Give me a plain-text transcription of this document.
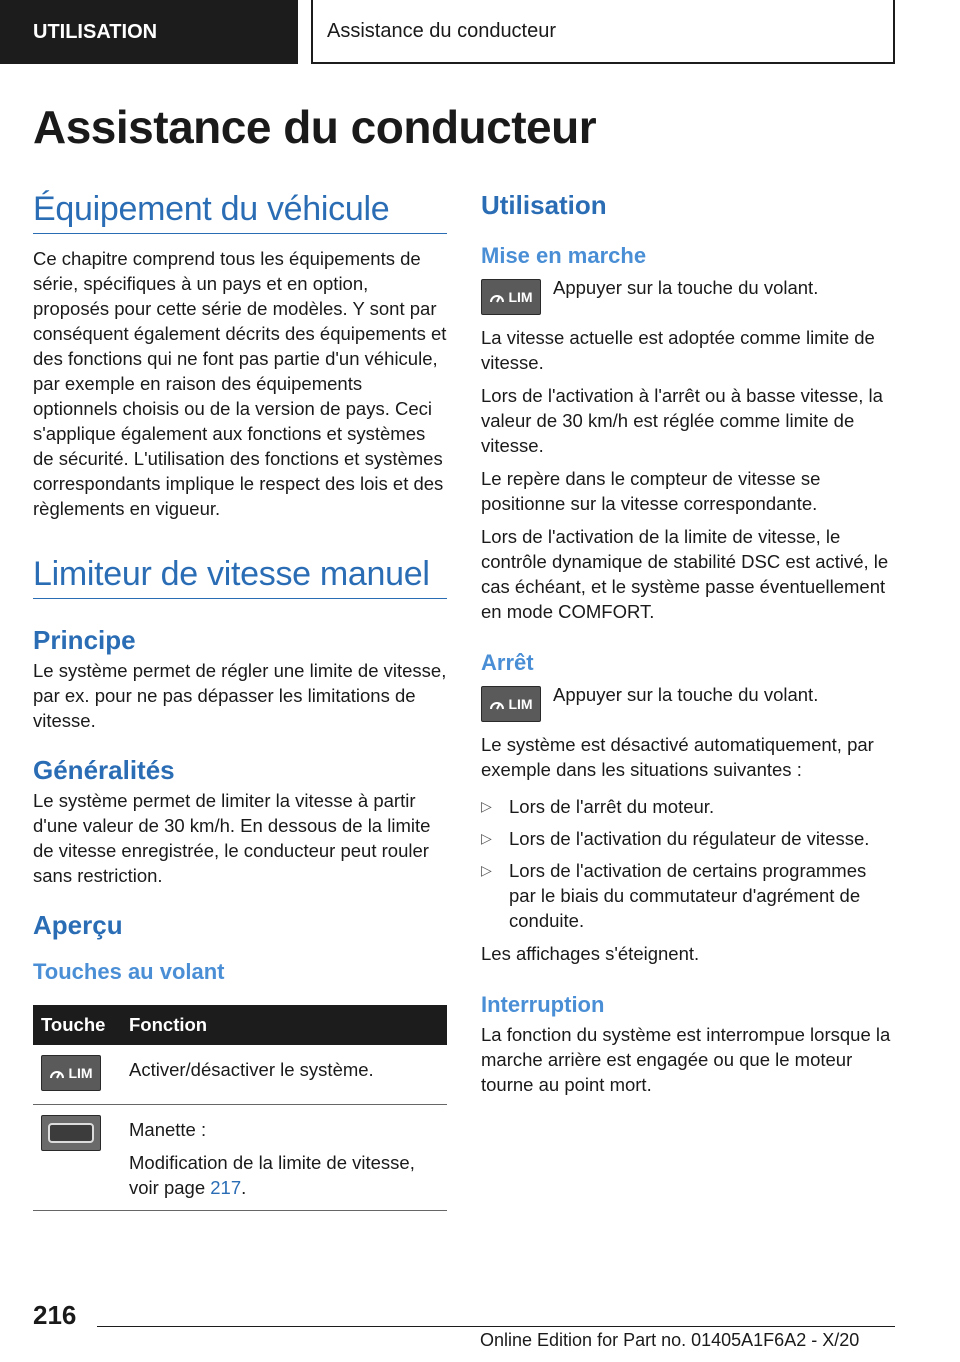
UTILISATION	Assistance du conducteur
Assistance du conducteur
Équipement du véhicule

Ce chapitre comprend tous les équipements de série, spécifiques à un pays et en option, proposés pour cette série de modèles. Y sont par conséquent également décrits des équipements et des fonctions qui ne font pas partie d'un véhicule, par exemple en raison des équipements optionnels choisis ou de la version de pays. Ceci s'applique également aux fonctions et systèmes de sécurité. L'utilisation des fonctions et systèmes correspondants implique le respect des lois et des règlements en vigueur.

Limiteur de vitesse manuel
Principe

Le système permet de régler une limite de vitesse, par ex. pour ne pas dépasser les limitations de vitesse.

Généralités

Le système permet de limiter la vitesse à partir d'une valeur de 30 km/h. En dessous de la limite de vitesse enregistrée, le conducteur peut rouler sans restriction.

Aperçu
Touches au volant
Touche	Fonction

LIM	Activer/désactiver le système.

	Manette :

Modification de la limite de vitesse, voir page 217.

Utilisation
Mise en marche
LIM Appuyer sur la touche du volant.

La vitesse actuelle est adoptée comme limite de vitesse.

Lors de l'activation à l'arrêt ou à basse vitesse, la valeur de 30 km/h est réglée comme limite de vitesse.

Le repère dans le compteur de vitesse se positionne sur la vitesse correspondante.

Lors de l'activation de la limite de vitesse, le contrôle dynamique de stabilité DSC est activé, le cas échéant, et le système passe éventuellement en mode COMFORT.

Arrêt
LIM Appuyer sur la touche du volant.

Le système est désactivé automatiquement, par exemple dans les situations suivantes :

▷ Lors de l'arrêt du moteur.
▷ Lors de l'activation du régulateur de vitesse.
▷ Lors de l'activation de certains programmes par le biais du commutateur d'agrément de conduite.

Les affichages s'éteignent.

Interruption

La fonction du système est interrompue lorsque la marche arrière est engagée ou que le moteur tourne au point mort.

216
Online Edition for Part no. 01405A1F6A2 - X/20
